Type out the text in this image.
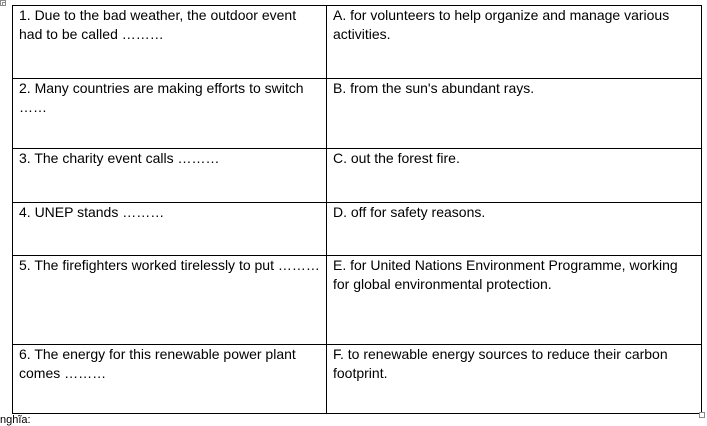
1. Due to the bad weather, the outdoor event had to be called ………	A. for volunteers to help organize and manage various activities.

2. Many countries are making efforts to switch ……	B. from the sun's abundant rays.

3. The charity event calls ………	C. out the forest fire.

4. UNEP stands ………	D. off for safety reasons.

5. The firefighters worked tirelessly to put ………	E. for United Nations Environment Programme, working for global environmental protection.

6. The energy for this renewable power plant comes ………	F. to renewable energy sources to reduce their carbon footprint.
nghĩa:
